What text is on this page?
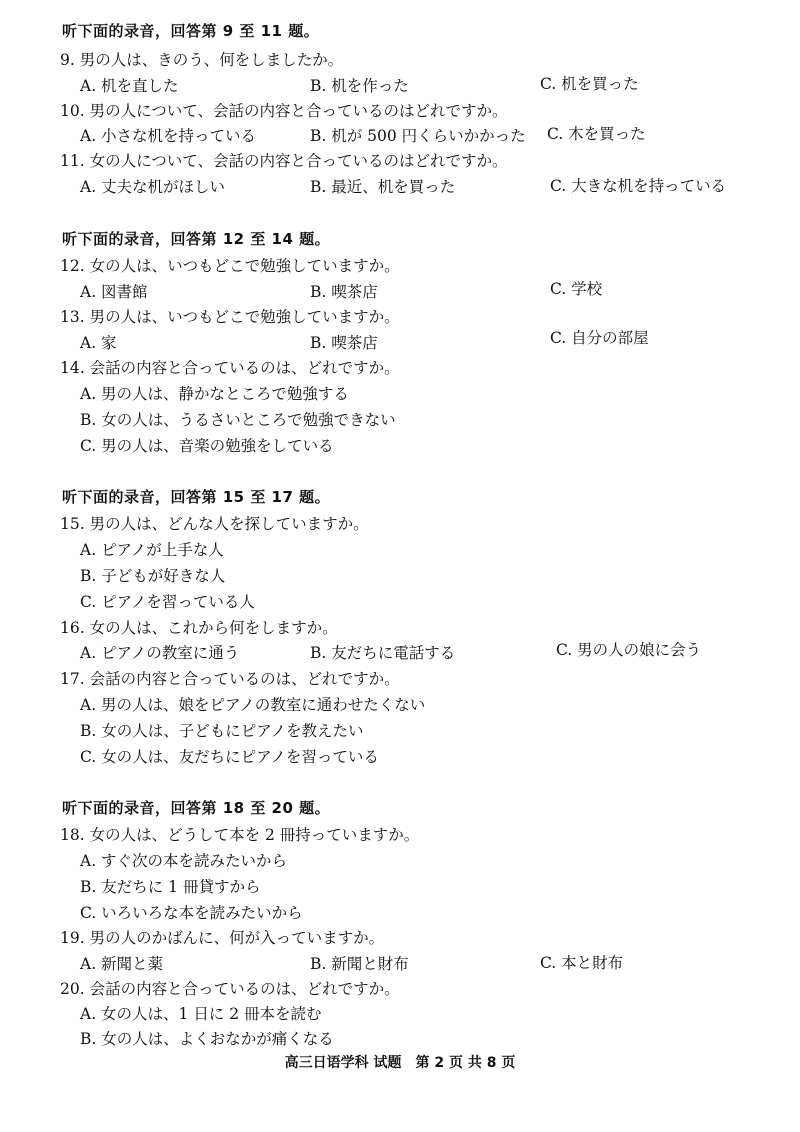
听下面的录音，回答第 9 至 11 题。
9. 男の人は、きのう、何をしましたか。
A. 机を直した	B. 机を作った	C. 机を買った
10. 男の人について、会話の内容と合っているのはどれですか。
A. 小さな机を持っている	B. 机が 500 円くらいかかった C. 木を買った
11. 女の人について、会話の内容と合っているのはどれですか。
A. 丈夫な机がほしい	B. 最近、机を買った	C. 大きな机を持っている
听下面的录音，回答第 12 至 14 题。
12. 女の人は、いつもどこで勉強していますか。
A. 図書館	B. 喫茶店	C. 学校
13. 男の人は、いつもどこで勉強していますか。
A. 家	B. 喫茶店	C. 自分の部屋
14. 会話の内容と合っているのは、どれですか。
A. 男の人は、静かなところで勉強する
B. 女の人は、うるさいところで勉強できない
C. 男の人は、音楽の勉強をしている
听下面的录音，回答第 15 至 17 题。
15. 男の人は、どんな人を探していますか。
A. ピアノが上手な人
B. 子どもが好きな人
C. ピアノを習っている人
16. 女の人は、これから何をしますか。
A. ピアノの教室に通う	B. 友だちに電話する	C. 男の人の娘に会う
17. 会話の内容と合っているのは、どれですか。
A. 男の人は、娘をピアノの教室に通わせたくない
B. 女の人は、子どもにピアノを教えたい
C. 女の人は、友だちにピアノを習っている
听下面的录音，回答第 18 至 20 题。
18. 女の人は、どうして本を 2 冊持っていますか。
A. すぐ次の本を読みたいから
B. 友だちに 1 冊貸すから
C. いろいろな本を読みたいから
19. 男の人のかばんに、何が入っていますか。
A. 新聞と薬	B. 新聞と財布	C. 本と財布
20. 会話の内容と合っているのは、どれですか。
A. 女の人は、1 日に 2 冊本を読む
B. 女の人は、よくおなかが痛くなる
高三日语学科 试题　第 2 页 共 8 页
